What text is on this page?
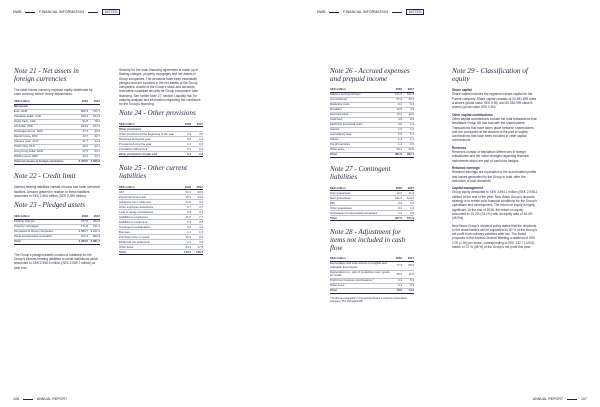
NWB	FINANCIAL INFORMATION	NOTES
Note 21 - Net assets in foreign currencies

The table shows currency exposed equity distributed by each currency before Group adjustments.

SEK million	2018	2017
Net assets		
Euro, EUR	868.3	743.7
Canadian dollar, CAD	196.3	154.3
Swiss franc, CHF	91.8	78.4
US dollar, USD	184.9	127.2
Norwegian krone, NOK	47.4	33.4
Danish krone, DKK	44.7	32.7
Chinese yuan, CNY	21.7	24.4
Polish zloty, PLN	20.3	22.1
Hong Kong dollar, HKD	47.5	24.7
British pound, GBP	34.2	24.7
Total net assets in foreign currencies	2 015.5	1 645.2
Note 22 - Credit limit

Interest-bearing liabilities consist of loans and bank overdraft facilities. Amount granted in relation to these liabilities amounted to SEK 2,994 million (SEK 2,399 million).

Note 23 - Pledged assets
SEK million	2018	2017
Floating charges	317.5	333.5
Property mortgages	171.8	151.3
Net assets in Group companies	3 589.7	2 221.3
Stock and accounts receivable	151.5	669.9
Total	4 230.5	3 381.7

The Group's pledged assets consist of collateral for the Group's interest-bearing liabilities to credit institutions which amounted to SEK 2,956.5 million (SEK 2,089.7 million) at year end.

Security for the main financing agreement is made up of floating charges, property mortgages and net assets in Group companies. The demands have been essentially pledged and are included in the net assets of the Group companies. Assets of the Group's stock and accounts receivable constitute security for Group companies' loan financing. See further Note 27, section Liquidity risk, for maturity analysis and information regarding the conditions for the Group's financing.

Note 24 - Other provisions
SEK million	2018	2017
Other provisions		
Other provisions at the beginning of the year	2.3	4.0
Reversed during the year	0.0	2.4
Provisions during the year	1.0	0.0
Translation differences	0.1	0.4
Other provisions at year-end	3.1	2.3
Note 25 - Other current liabilities
SEK million	2018	2017
VAT	62.3	63.3
Personnel income tax	16.3	14.4
Advances from customers	21.3	4.4
Other employee deductions	3.7	3.7
Loan to equity contributions	2.6	3.1
Liabilities to employees	11.6	7.7
Liabilities to customers	0.3	0.4
Contingent consideration	0.0	4.1
Bonuses	1.1	1.3
Purchase price on quota	16.3	0.0
Dividends not redeemed	1.4	4.9
Other items	24.4	17.0
Total	172.3	136.7
106	ANNUAL REPORT
NWB	FINANCIAL INFORMATION	NOTES
Note 26 - Accrued expenses and prepaid income
SEK million	2018	2017
Salaries and payroll fees	131.0	101.5
Commissions	67.9	43.1
Marketing costs	6.4	9.4
Royalties	12.5	4.9
Deferred sales	10.4	16.5
Audit fees	4.9	6.5
Electricity and rental costs	4.6	2.1
Interest	1.0	1.2
Consultancy fees	5.5	6.7
Claims	1.2	1.1
Freight services	1.4	2.0
Other items	23.1	26.6
Total	281.6	221.1
Note 27 - Contingent liabilities
SEK million	2018	2017
Duty guarantees	12.0	11.3
Rent guarantees	191.2	104.6
PRI	2.0	2.1
Other guarantees	0.3	1.9
Guarantees for associated companies	2.0	2.0
Total	207.5	121.9
Note 28 - Adjustment for items not included in cash flow
SEK million	2018	2017
Depreciation and write-downs on tangible and intangible fixed assets	77.3	65.3
Depreciation no - part of production cost / goods for resale	15.0	11.5
Profit from business combinations *	0.4	5.5
Other items	0.1	0.3
Total	79.6	74.4
* Profit from acquisition of remaining shares in previous associated company, The Swingbed AB.
Note 29 - Classification of equity

Share capital

Share capital includes the registered share capital for the Parent company. Share capital consists of 20,991,659 class A shares (quota value SEK 0.50) and 60,035,999 class B shares (quota value SEK 0.50).

Other capital contributions

Other capital contributions include the total transactions that NewWave Group AB has had with the shareholders. Transactions that have taken place between shareholders and are conducted at the amount of the part of capital contributions that have been included in other capital contributions.

Reserves

Reserves consist of translation differences in foreign subsidiaries and fair value changes regarding financial instruments which are part of cash flow hedges.

Retained earnings

Retained earnings are equivalent to the accumulated profits and losses generated by the Group in total, after the deduction of paid dividends.

Capital management

Group equity amounted to SEK 3,494.1 million (SEK 2,938.2 million) at the end of the year. New Wave Group's financial strategy is to create solid financial conditions for the Group's operations and development. The return on equity is highly significant. At the end of 2018, the return on equity amounted to 15.2% (15.1%) with an equity ratio of 46.4% (46.9%).

New Wave Group's dividend policy states that the dividends to the shareholders will be equivalent to 40 % of the Group's net profit from ordinary activities after tax. The Board proposes to the Annual General Meeting a dividend of SEK 2.00 (1.90) per share, corresponding to SEK 132.7 (125.6) million or 37 % (38 %) of the Group's net profit this year.

ANNUAL REPORT	107
